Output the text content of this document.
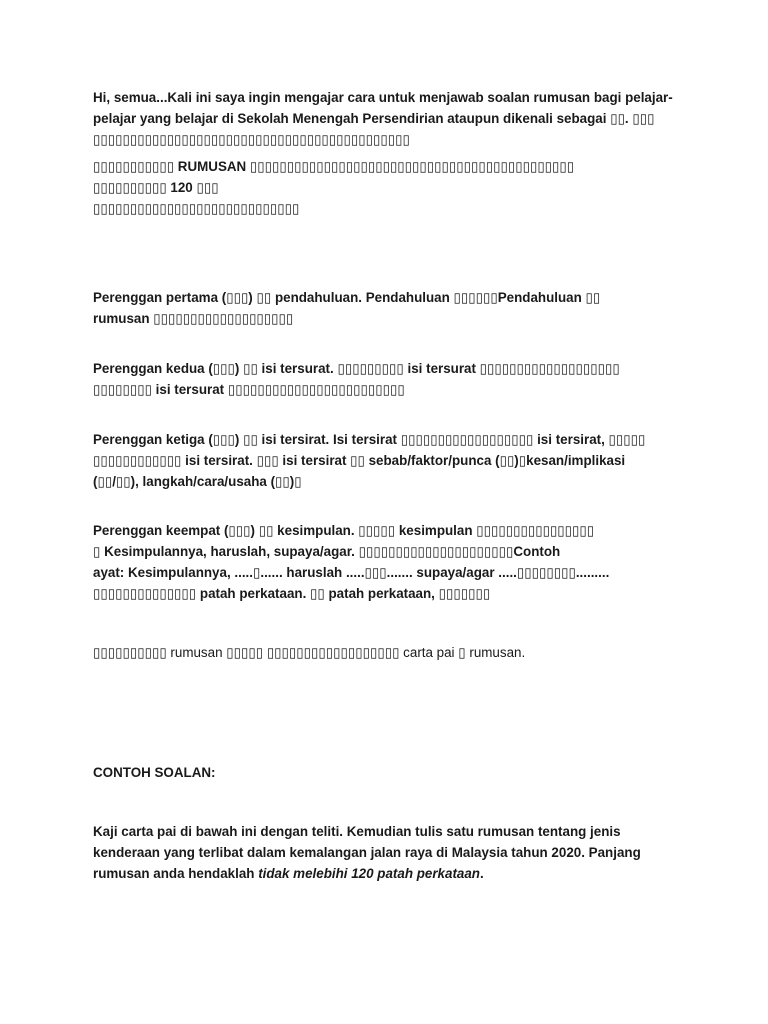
Hi, semua...Kali ini saya ingin mengajar cara untuk menjawab soalan rumusan bagi pelajar-
pelajar yang belajar di Sekolah Menengah Persendirian ataupun dikenali sebagai ▯▯. ▯▯▯
▯▯▯▯▯▯▯▯▯▯▯▯▯▯▯▯▯▯▯▯▯▯▯▯▯▯▯▯▯▯▯▯▯▯▯▯▯▯▯▯▯▯▯

▯▯▯▯▯▯▯▯▯▯▯ RUMUSAN ▯▯▯▯▯▯▯▯▯▯▯▯▯▯▯▯▯▯▯▯▯▯▯▯▯▯▯▯▯▯▯▯▯▯▯▯▯▯▯▯▯▯▯▯
▯▯▯▯▯▯▯▯▯▯ 120 ▯▯▯
▯▯▯▯▯▯▯▯▯▯▯▯▯▯▯▯▯▯▯▯▯▯▯▯▯▯▯▯

Perenggan pertama (▯▯▯) ▯▯ pendahuluan. Pendahuluan ▯▯▯▯▯▯Pendahuluan ▯▯
rumusan ▯▯▯▯▯▯▯▯▯▯▯▯▯▯▯▯▯▯▯

Perenggan kedua (▯▯▯) ▯▯ isi tersurat. ▯▯▯▯▯▯▯▯▯ isi tersurat ▯▯▯▯▯▯▯▯▯▯▯▯▯▯▯▯▯▯▯
▯▯▯▯▯▯▯▯ isi tersurat ▯▯▯▯▯▯▯▯▯▯▯▯▯▯▯▯▯▯▯▯▯▯▯▯

Perenggan ketiga (▯▯▯) ▯▯ isi tersirat. Isi tersirat ▯▯▯▯▯▯▯▯▯▯▯▯▯▯▯▯▯▯ isi tersirat, ▯▯▯▯▯
▯▯▯▯▯▯▯▯▯▯▯▯ isi tersirat. ▯▯▯ isi tersirat ▯▯ sebab/faktor/punca (▯▯)▯kesan/implikasi
(▯▯/▯▯), langkah/cara/usaha (▯▯)▯

Perenggan keempat (▯▯▯) ▯▯ kesimpulan. ▯▯▯▯▯ kesimpulan ▯▯▯▯▯▯▯▯▯▯▯▯▯▯▯▯
▯ Kesimpulannya, haruslah, supaya/agar. ▯▯▯▯▯▯▯▯▯▯▯▯▯▯▯▯▯▯▯▯▯Contoh
ayat: Kesimpulannya, .....▯...... haruslah .....▯▯▯....... supaya/agar .....▯▯▯▯▯▯▯▯.........
▯▯▯▯▯▯▯▯▯▯▯▯▯▯ patah perkataan. ▯▯ patah perkataan, ▯▯▯▯▯▯▯

▯▯▯▯▯▯▯▯▯▯ rumusan ▯▯▯▯▯ ▯▯▯▯▯▯▯▯▯▯▯▯▯▯▯▯▯▯ carta pai ▯ rumusan.

CONTOH SOALAN:

Kaji carta pai di bawah ini dengan teliti. Kemudian tulis satu rumusan tentang jenis
kenderaan yang terlibat dalam kemalangan jalan raya di Malaysia tahun 2020. Panjang
rumusan anda hendaklah tidak melebihi 120 patah perkataan.
